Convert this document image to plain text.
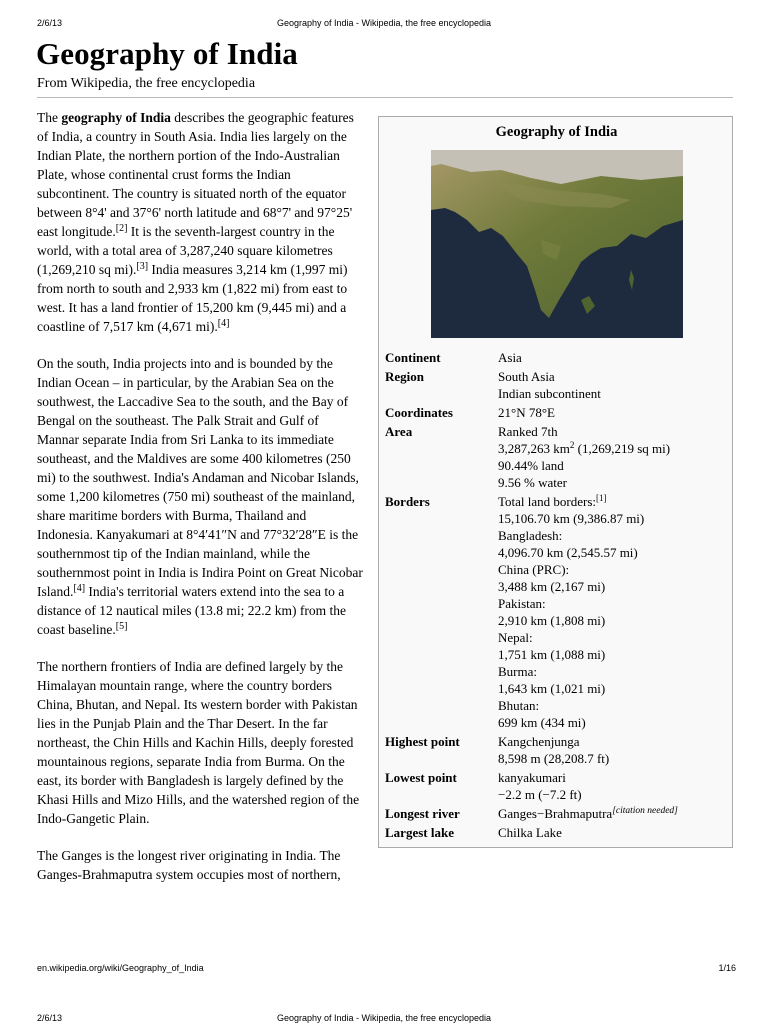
2/6/13	Geography of India - Wikipedia, the free encyclopedia
Geography of India
From Wikipedia, the free encyclopedia
Geography of India
Continent	Asia
Region	South Asia
Indian subcontinent
Coordinates	21°N 78°E
Area	Ranked 7th
3,287,263 $km^2$ (1,269,219 sq mi)
90.44% land
9.56 % water
Borders	Total land borders:[1]
15,106.70 km (9,386.87 mi)
Bangladesh:
4,096.70 km (2,545.57 mi)
China (PRC):
3,488 km (2,167 mi)
Pakistan:
2,910 km (1,808 mi)
Nepal:
1,751 km (1,088 mi)
Burma:
1,643 km (1,021 mi)
Bhutan:
699 km (434 mi)
Highest point	Kangchenjunga
8,598 m (28,208.7 ft)
Lowest point	kanyakumari
−2.2 m (−7.2 ft)
Longest river	Ganges−Brahmaputra[citation needed]
Largest lake	Chilka Lake

The geography of India describes the geographic features of India, a country in South Asia. India lies largely on the Indian Plate, the northern portion of the Indo-Australian Plate, whose continental crust forms the Indian subcontinent. The country is situated north of the equator between 8°4' and 37°6' north latitude and 68°7' and 97°25' east longitude.[2] It is the seventh-largest country in the world, with a total area of 3,287,240 square kilometres (1,269,210 sq mi).[3] India measures 3,214 km (1,997 mi) from north to south and 2,933 km (1,822 mi) from east to west. It has a land frontier of 15,200 km (9,445 mi) and a coastline of 7,517 km (4,671 mi).[4]

On the south, India projects into and is bounded by the Indian Ocean – in particular, by the Arabian Sea on the southwest, the Laccadive Sea to the south, and the Bay of Bengal on the southeast. The Palk Strait and Gulf of Mannar separate India from Sri Lanka to its immediate southeast, and the Maldives are some 400 kilometres (250 mi) to the southwest. India's Andaman and Nicobar Islands, some 1,200 kilometres (750 mi) southeast of the mainland, share maritime borders with Burma, Thailand and Indonesia. Kanyakumari at 8°4′41″N and 77°32′28″E is the southernmost tip of the Indian mainland, while the southernmost point in India is Indira Point on Great Nicobar Island.[4] India's territorial waters extend into the sea to a distance of 12 nautical miles (13.8 mi; 22.2 km) from the coast baseline.[5]

The northern frontiers of India are defined largely by the Himalayan mountain range, where the country borders China, Bhutan, and Nepal. Its western border with Pakistan lies in the Punjab Plain and the Thar Desert. In the far northeast, the Chin Hills and Kachin Hills, deeply forested mountainous regions, separate India from Burma. On the east, its border with Bangladesh is largely defined by the Khasi Hills and Mizo Hills, and the watershed region of the Indo-Gangetic Plain.

The Ganges is the longest river originating in India. The Ganges-Brahmaputra system occupies most of northern,

en.wikipedia.org/wiki/Geography_of_India	1/16
2/6/13	Geography of India - Wikipedia, the free encyclopedia
